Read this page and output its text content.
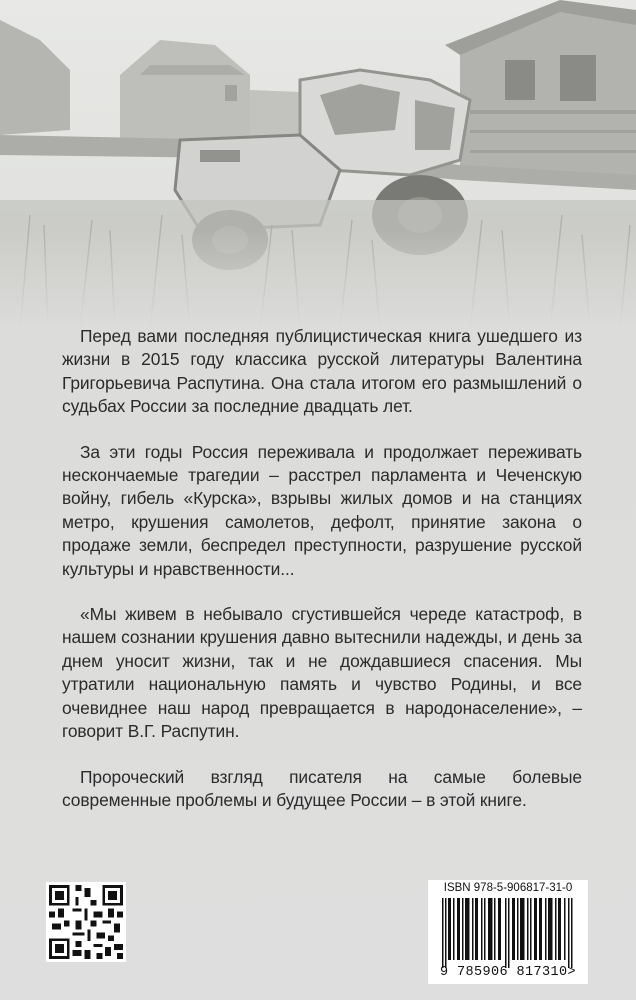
Перед вами последняя публицистическая книга ушедшего из жизни в 2015 году классика русской литературы Валентина Григорьевича Распутина. Она стала итогом его размышлений о судьбах России за последние двадцать лет.

За эти годы Россия переживала и продолжает переживать нескончаемые трагедии – расстрел парламента и Чеченскую войну, гибель «Курска», взрывы жилых домов и на станциях метро, крушения самолетов, дефолт, принятие закона о продаже земли, беспредел преступности, разрушение русской культуры и нравственности...

«Мы живем в небывало сгустившейся череде катастроф, в нашем сознании крушения давно вытеснили надежды, и день за днем уносит жизни, так и не дождавшиеся спасения. Мы утратили национальную память и чувство Родины, и все очевиднее наш народ превращается в народонаселение», – говорит В.Г. Распутин.

Пророческий взгляд писателя на самые болевые современные проблемы и будущее России – в этой книге.

ISBN 978-5-906817-31-0
9 785906 817310>
